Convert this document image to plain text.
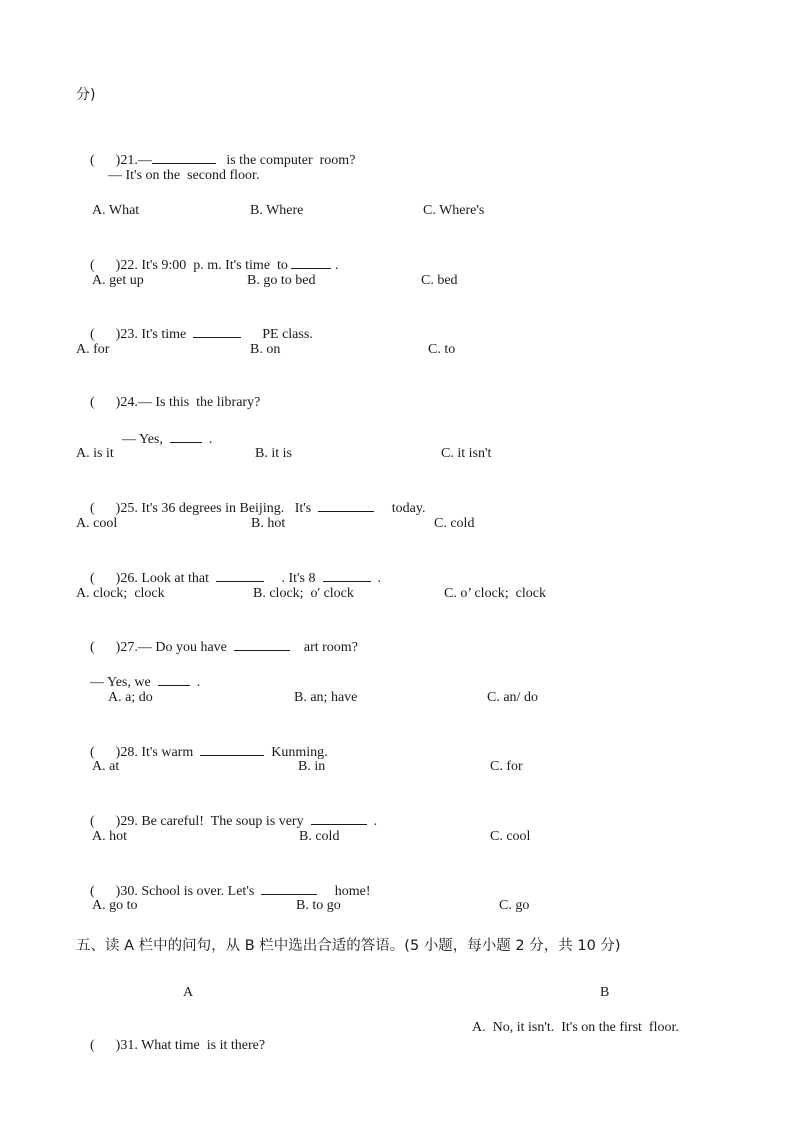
分)

(      )21.—	is the computer  room?

— It's on the  second floor.
A. What	B. Where	C. Where's

(      )22. It's 9:00  p. m. It's time  to	.

A. get up	B. go to bed	C. bed

(      )23. It's time	PE class.

A. for	B. on	C. to

(      )24.— Is this  the library?

— Yes,    .

A. is it	B. it is	C. it isn't

(      )25. It's 36 degrees in Beijing.   It's	today.

A. cool	B. hot	C. cold

(      )26. Look at that	. It's 8	.

A. clock;  clock	B. clock;  o' clock	C. o’ clock;  clock

(      )27.— Do you have	art room?

— Yes, we    .

A. a; do	B. an; have	C. an/ do

(      )28. It's warm	Kunming.

A. at	B. in	C. for

(      )29. Be careful!  The soup is very	.

A. hot	B. cold	C. cool

(      )30. School is over. Let's	home!

A. go to	B. to go	C. go
五、读 A 栏中的问句，从 B 栏中选出合适的答语。(5 小题，每小题 2 分，共 10 分)
A	B

(      )31. What time  is it there?

A.  No, it isn't.  It's on the first  floor.
